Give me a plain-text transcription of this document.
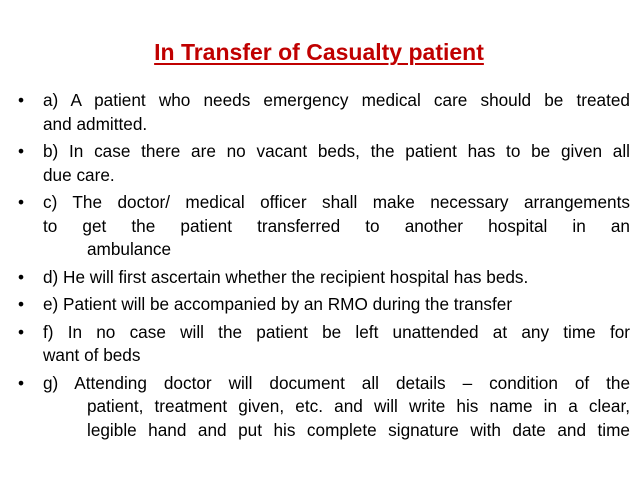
In Transfer of Casualty patient
•	a) A patient who needs emergency medical care should be treated
and admitted.
•	b) In case there are no vacant beds, the patient has to be given all
due care.
•	c) The doctor/ medical officer shall make necessary arrangements
to get the patient transferred to another hospital in an
ambulance
•	d) He will first ascertain whether the recipient hospital has beds.
•	e) Patient will be accompanied by an RMO during the transfer
•	f) In no case will the patient be left unattended at any time for
want of beds
•	g) Attending doctor will document all details – condition of the
patient, treatment given, etc. and will write his name in a clear,
legible hand and put his complete signature with date and time
